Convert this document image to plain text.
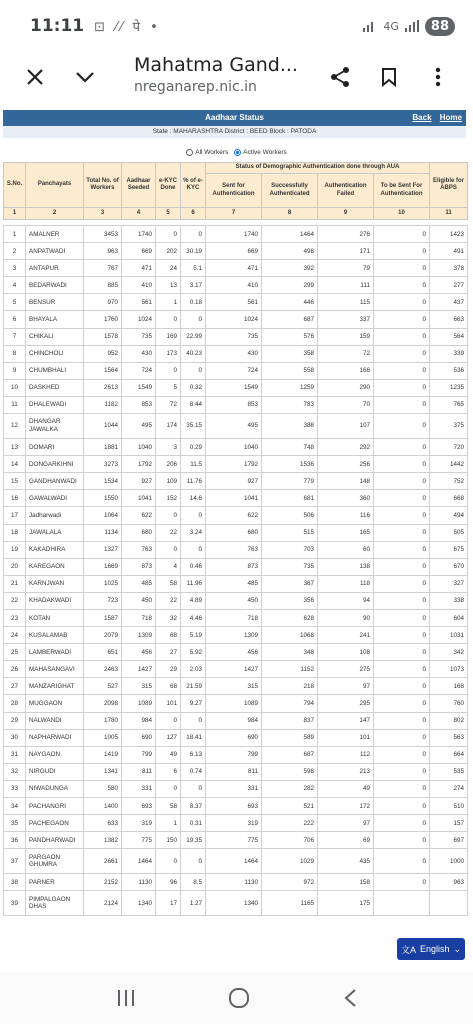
11:11 ⊡ ⁄⁄ पे •	4G	88
Mahatma Gand...
nreganarep.nic.in
Aadhaar Status	Back Home
State : MAHARASHTRA District : BEED Block : PATODA
All Workers Active Workers
S.No.	Panchayats	Total No. of Workers	Aadhaar Seeded	e-KYC Done	% of e-KYC	Status of Demographic Authentication done through AUA				Eligible for ABPS
						Sent for Authentication	Successfully Authenticated	Authentication Failed	To be Sent For Authentication	
1	2	3	4	5	6	7	8	9	10	11

1	AMALNER	3453	1740	0	0	1740	1464	276	0	1423
2	ANPATWADI	963	669	202	30.19	669	498	171	0	491
3	ANTAPUR	767	471	24	5.1	471	392	79	0	378
4	BEDARWADI	885	410	13	3.17	410	299	111	0	277
5	BENSUR	970	561	1	0.18	561	446	115	0	437
6	BHAYALA	1760	1024	0	0	1024	687	337	0	663
7	CHIKALI	1578	735	169	22.99	735	576	159	0	564
8	CHINCHOLI	952	430	173	40.23	430	358	72	0	339
9	CHUMBHALI	1564	724	0	0	724	558	166	0	536
10	DASKHED	2613	1549	5	0.32	1549	1259	290	0	1235
11	DHALEWADI	1182	853	72	8.44	853	783	70	0	765
12	DHANGAR JAWALKA	1044	495	174	35.15	495	388	107	0	375
13	DOMARI	1881	1040	3	0.29	1040	748	292	0	720
14	DONGARKIHNI	3273	1792	206	11.5	1792	1536	256	0	1442
15	GANDHANWADI	1534	927	109	11.76	927	779	148	0	752
16	GAWALWADI	1550	1041	152	14.6	1041	681	360	0	668
17	Jadharwadi	1064	622	0	0	622	506	116	0	494
18	JAWALALA	1134	680	22	3.24	680	515	165	0	505
19	KAKADHIRA	1327	763	0	0	763	703	60	0	675
20	KAREGAON	1669	873	4	0.46	873	735	138	0	670
21	KARNJWAN	1025	485	58	11.96	485	367	118	0	327
22	KHADAKWADI	723	450	22	4.89	450	356	94	0	338
23	KOTAN	1587	718	32	4.46	718	628	90	0	604
24	KUSALAMAB	2079	1309	68	5.19	1309	1068	241	0	1031
25	LAMBERWADI	651	456	27	5.92	456	348	108	0	342
26	MAHASANGAVI	2463	1427	29	2.03	1427	1152	275	0	1073
27	MANZARIGHAT	527	315	68	21.59	315	218	97	0	168
28	MUGGAON	2098	1089	101	9.27	1089	794	295	0	760
29	NALWANDI	1780	984	0	0	984	837	147	0	802
30	NAPHARWADI	1005	690	127	18.41	690	589	101	0	563
31	NAYGAON	1419	799	49	6.13	799	687	112	0	664
32	NIRGUDI	1341	811	6	0.74	811	598	213	0	535
33	NIWADUNGA	580	331	0	0	331	282	49	0	274
34	PACHANGRI	1400	693	58	8.37	693	521	172	0	510
35	PACHEGAON	633	319	1	0.31	319	222	97	0	157
36	PANDHARWADI	1382	775	150	19.35	775	706	69	0	697
37	PARGAON GHUMRA	2661	1464	0	0	1464	1029	435	0	1000
38	PARNER	2152	1130	96	8.5	1130	972	158	0	963
39	PIMPALGAON DHAS	2124	1340	17	1.27	1340	1165	175		
文A English ⌄
